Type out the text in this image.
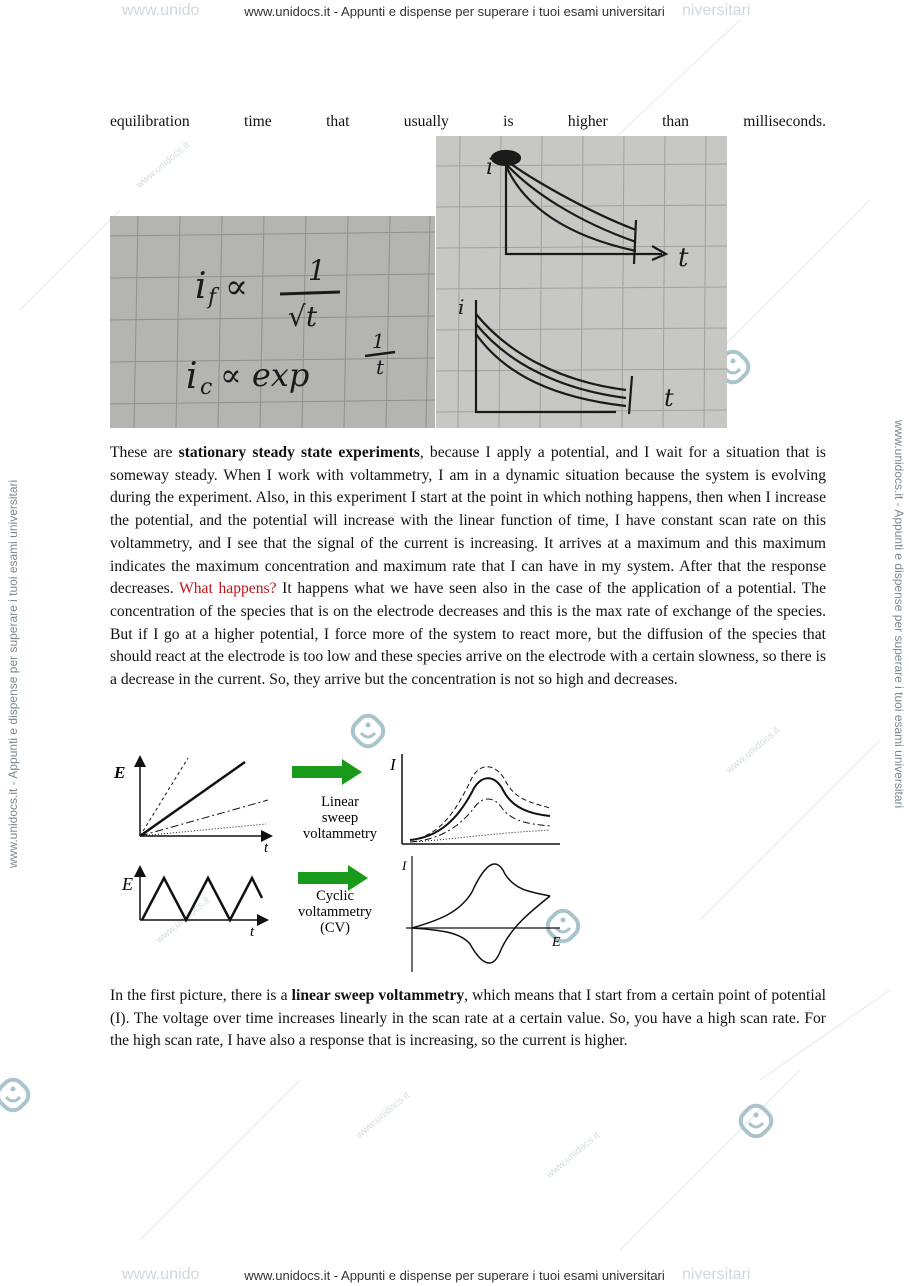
www.unido	niversitari
www.unidocs.it - Appunti e dispense per superare i tuoi esami universitari
www.unido	niversitari
www.unidocs.it - Appunti e dispense per superare i tuoi esami universitari
www.unidocs.it - Appunti e dispense per superare i tuoi esami universitari	www.unidocs.it - Appunti e dispense per superare i tuoi esami universitari
www.unidocs.it
www.unidocs.it
www.unidocs.it
www.unidocs.it
www.unidocs.it
equilibration	time	that	usually	is	higher	than	milliseconds.
i f ∝ 1
√t
i c ∝ exp
1
t
i
t
i
t
These are stationary steady state experiments, because I apply a potential, and I wait for a situation that is someway steady. When I work with voltammetry, I am in a dynamic situation because the system is evolving during the experiment. Also, in this experiment I start at the point in which nothing happens, then when I increase the potential, and the potential will increase with the linear function of time, I have constant scan rate on this voltammetry, and I see that the signal of the current is increasing. It arrives at a maximum and this maximum indicates the maximum concentration and maximum rate that I can have in my system. After that the response decreases. What happens? It happens what we have seen also in the case of the application of a potential. The concentration of the species that is on the electrode decreases and this is the max rate of exchange of the species. But if I go at a higher potential, I force more of the system to react more, but the diffusion of the species that should react at the electrode is too low and these species arrive on the electrode with a certain slowness, so there is a decrease in the current. So, they arrive but the concentration is not so high and decreases.
E
t
Linear
sweep
voltammetry
I
E
t
Cyclic
voltammetry
(CV)
I
E
In the first picture, there is a linear sweep voltammetry, which means that I start from a certain point of potential (I). The voltage over time increases linearly in the scan rate at a certain value. So, you have a high scan rate. For the high scan rate, I have also a response that is increasing, so the current is higher.
